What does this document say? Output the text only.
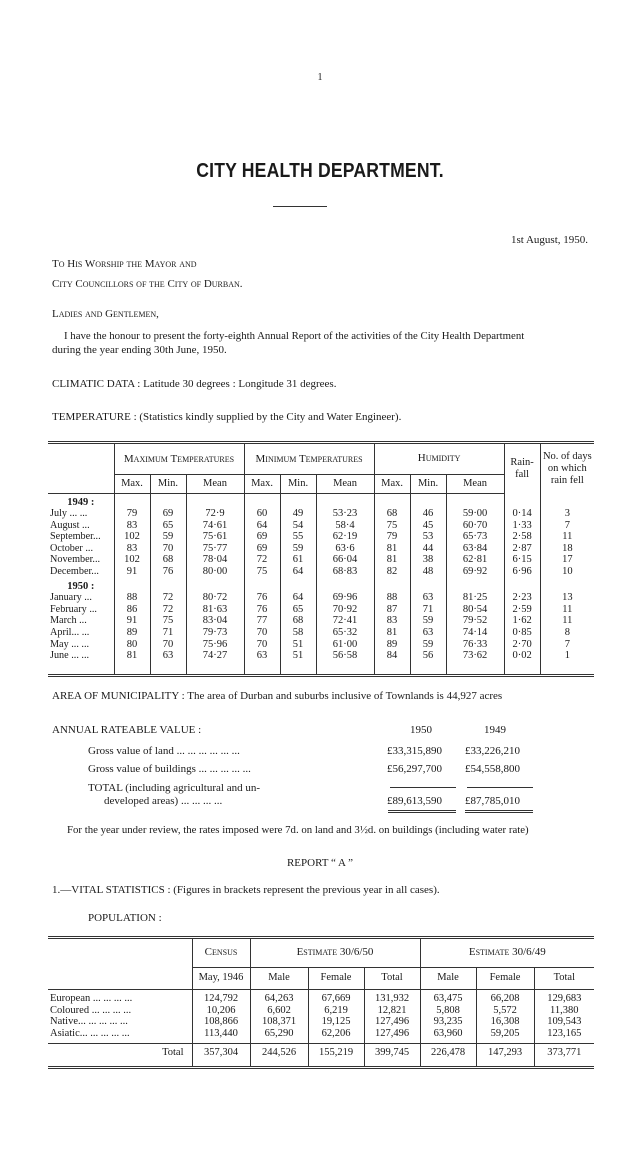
1
CITY HEALTH DEPARTMENT.
1st August, 1950.
To His Worship the Mayor and
City Councillors of the City of Durban.
Ladies and Gentlemen,
I have the honour to present the forty-eighth Annual Report of the activities of the City Health Department
during the year ending 30th June, 1950.
CLIMATIC DATA : Latitude 30 degrees : Longitude 31 degrees.
TEMPERATURE : (Statistics kindly supplied by the City and Water Engineer).
	Maximum Temperatures			Minimum Temperatures			Humidity			Rain-fall	No. of days on which rain fell
	Max.	Min.	Mean	Max.	Min.	Mean	Max.	Min.	Mean		
1949 :											
July ... ...	79	69	72·9	60	49	53·23	68	46	59·00	0·14	3
August ...	83	65	74·61	64	54	58·4	75	45	60·70	1·33	7
September...	102	59	75·61	69	55	62·19	79	53	65·73	2·58	11
October ...	83	70	75·77	69	59	63·6	81	44	63·84	2·87	18
November...	102	68	78·04	72	61	66·04	81	38	62·81	6·15	17
December...	91	76	80·00	75	64	68·83	82	48	69·92	6·96	10
1950 :											
January ...	88	72	80·72	76	64	69·96	88	63	81·25	2·23	13
February ...	86	72	81·63	76	65	70·92	87	71	80·54	2·59	11
March ...	91	75	83·04	77	68	72·41	83	59	79·52	1·62	11
April... ...	89	71	79·73	70	58	65·32	81	63	74·14	0·85	8
May ... ...	80	70	75·96	70	51	61·00	89	59	76·33	2·70	7
June ... ...	81	63	74·27	63	51	56·58	84	56	73·62	0·02	1

AREA OF MUNICIPALITY : The area of Durban and suburbs inclusive of Townlands is 44,927 acres
ANNUAL RATEABLE VALUE :	1950	1949
Gross value of land ... ... ... ... ... ...	£33,315,890 £33,226,210
Gross value of buildings ... ... ... ... ...	£56,297,700 £54,558,800
TOTAL (including agricultural and un-
developed areas) ... ... ... ...	£89,613,590 £87,785,010
For the year under review, the rates imposed were 7d. on land and 3½d. on buildings (including water rate)
REPORT “ A ”
1.—VITAL STATISTICS : (Figures in brackets represent the previous year in all cases).
POPULATION :
	Census	Estimate 30/6/50			Estimate 30/6/49		
	May, 1946	Male	Female	Total	Male	Female	Total

European ... ... ... ...	124,792	64,263	67,669	131,932	63,475	66,208	129,683
Coloured ... ... ... ...	10,206	6,602	6,219	12,821	5,808	5,572	11,380
Native... ... ... ... ...	108,866	108,371	19,125	127,496	93,235	16,308	109,543
Asiatic... ... ... ... ...	113,440	65,290	62,206	127,496	63,960	59,205	123,165

Total	357,304	244,526	155,219	399,745	226,478	147,293	373,771
